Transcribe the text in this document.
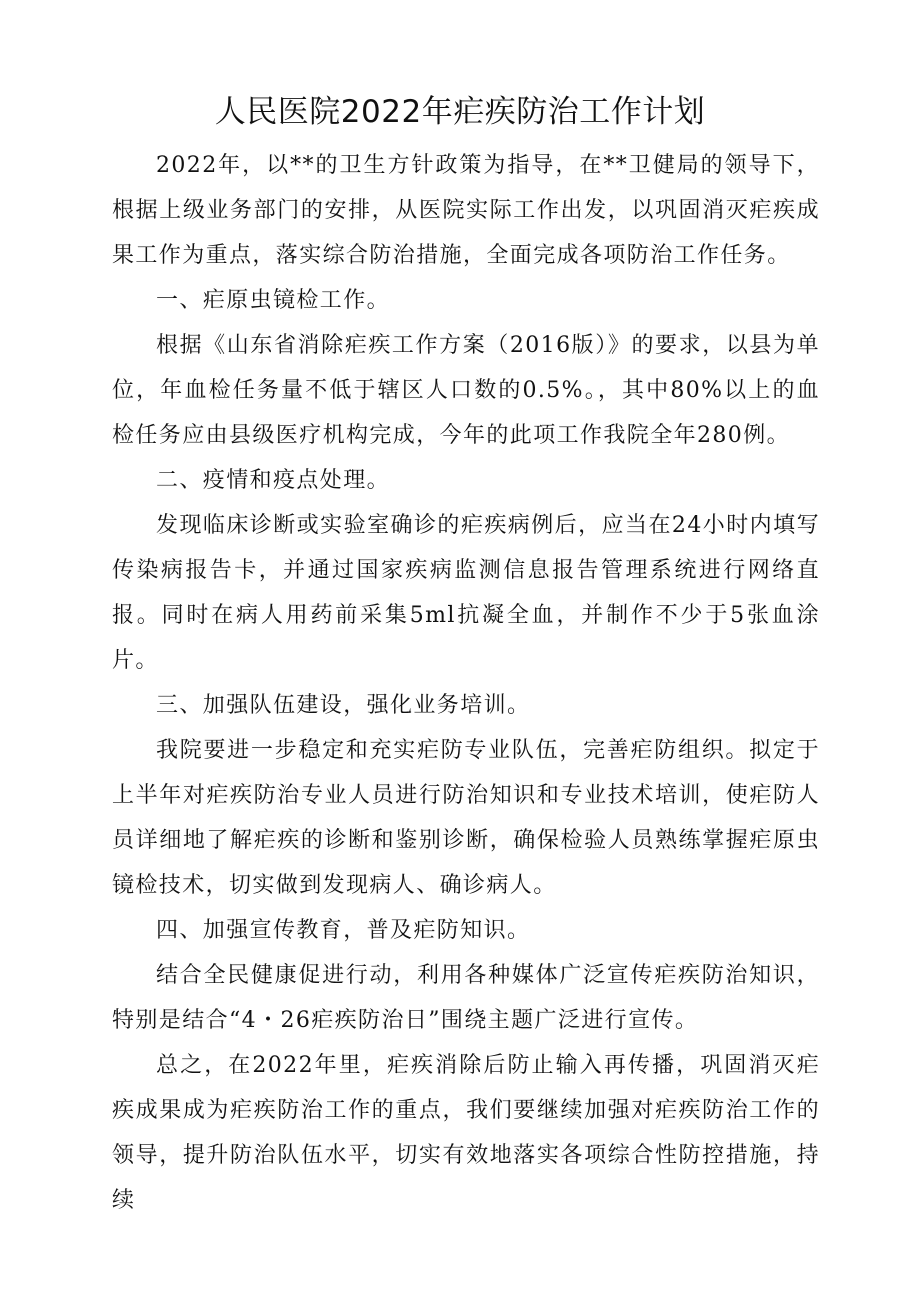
人民医院2022年疟疾防治工作计划

2022年，以**的卫生方针政策为指导，在**卫健局的领导下，根据上级业务部门的安排，从医院实际工作出发，以巩固消灭疟疾成果工作为重点，落实综合防治措施，全面完成各项防治工作任务。

一、疟原虫镜检工作。

根据《山东省消除疟疾工作方案（2016版）》的要求，以县为单位，年血检任务量不低于辖区人口数的0.5%。，其中80%以上的血检任务应由县级医疗机构完成，今年的此项工作我院全年280例。

二、疫情和疫点处理。

发现临床诊断或实验室确诊的疟疾病例后，应当在24小时内填写传染病报告卡，并通过国家疾病监测信息报告管理系统进行网络直报。同时在病人用药前采集5ml抗凝全血，并制作不少于5张血涂片。

三、加强队伍建设，强化业务培训。

我院要进一步稳定和充实疟防专业队伍，完善疟防组织。拟定于上半年对疟疾防治专业人员进行防治知识和专业技术培训，使疟防人员详细地了解疟疾的诊断和鉴别诊断，确保检验人员熟练掌握疟原虫镜检技术，切实做到发现病人、确诊病人。

四、加强宣传教育，普及疟防知识。

结合全民健康促进行动，利用各种媒体广泛宣传疟疾防治知识，特别是结合“4・26疟疾防治日”围绕主题广泛进行宣传。

总之，在2022年里，疟疾消除后防止输入再传播，巩固消灭疟疾成果成为疟疾防治工作的重点，我们要继续加强对疟疾防治工作的领导，提升防治队伍水平，切实有效地落实各项综合性防控措施，持续
